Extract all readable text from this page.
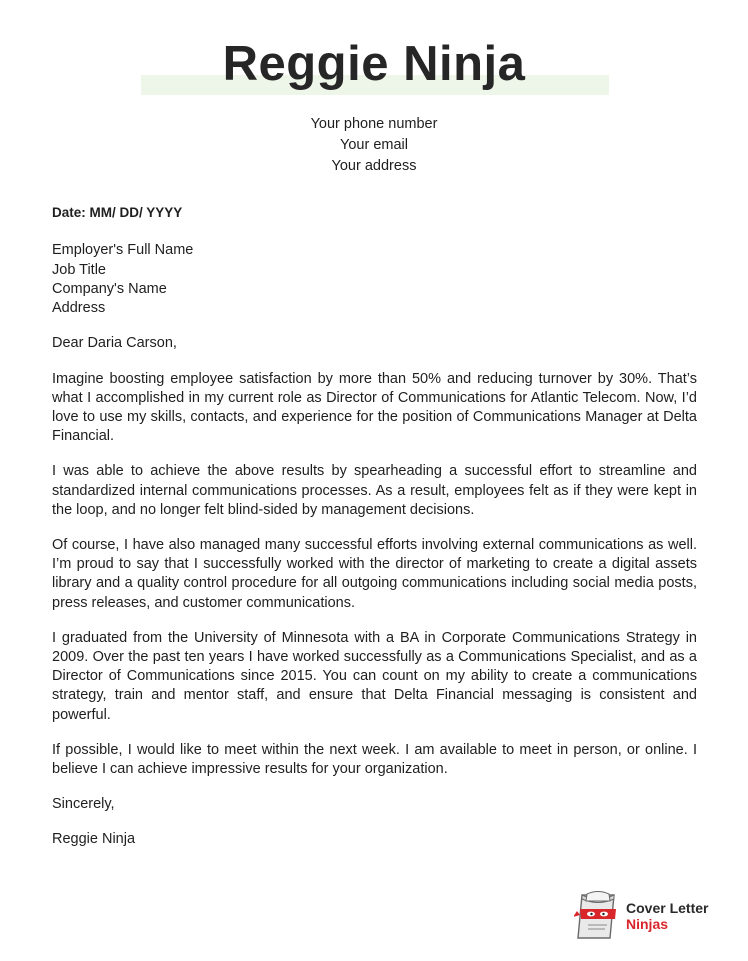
Reggie Ninja
Your phone number
Your email
Your address
Date: MM/ DD/ YYYY
Employer's Full Name
Job Title
Company's Name
Address
Dear Daria Carson,

Imagine boosting employee satisfaction by more than 50% and reducing turnover by 30%. That’s what I accomplished in my current role as Director of Communications for Atlantic Telecom. Now, I’d love to use my skills, contacts, and experience for the position of Communications Manager at Delta Financial.

I was able to achieve the above results by spearheading a successful effort to streamline and standardized internal communications processes. As a result, employees felt as if they were kept in the loop, and no longer felt blind-sided by management decisions.

Of course, I have also managed many successful efforts involving external communications as well. I’m proud to say that I successfully worked with the director of marketing to create a digital assets library and a quality control procedure for all outgoing communications including social media posts, press releases, and customer communications.

I graduated from the University of Minnesota with a BA in Corporate Communications Strategy in 2009. Over the past ten years I have worked successfully as a Communications Specialist, and as a Director of Communications since 2015. You can count on my ability to create a communications strategy, train and mentor staff, and ensure that Delta Financial messaging is consistent and powerful.

If possible, I would like to meet within the next week. I am available to meet in person, or online. I believe I can achieve impressive results for your organization.

Sincerely,
Reggie Ninja
Cover Letter
Ninjas
